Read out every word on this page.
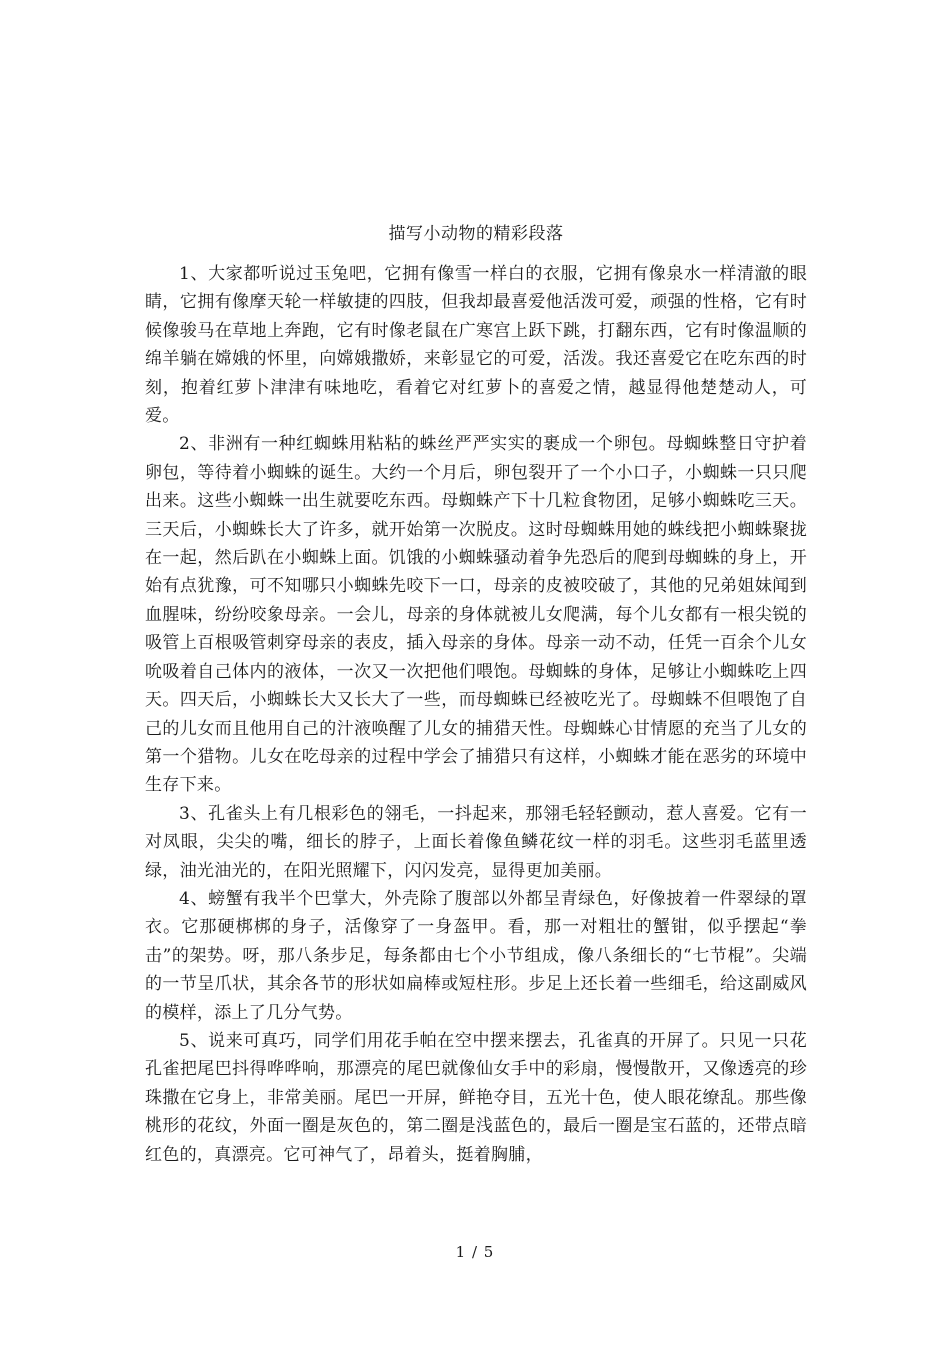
描写小动物的精彩段落

1、大家都听说过玉兔吧，它拥有像雪一样白的衣服，它拥有像泉水一样清澈的眼睛，它拥有像摩天轮一样敏捷的四肢，但我却最喜爱他活泼可爱，顽强的性格，它有时候像骏马在草地上奔跑，它有时像老鼠在广寒宫上跃下跳，打翻东西，它有时像温顺的绵羊躺在嫦娥的怀里，向嫦娥撒娇，来彰显它的可爱，活泼。我还喜爱它在吃东西的时刻，抱着红萝卜津津有味地吃，看着它对红萝卜的喜爱之情，越显得他楚楚动人，可爱。

2、非洲有一种红蜘蛛用粘粘的蛛丝严严实实的裹成一个卵包。母蜘蛛整日守护着卵包，等待着小蜘蛛的诞生。大约一个月后，卵包裂开了一个小口子，小蜘蛛一只只爬出来。这些小蜘蛛一出生就要吃东西。母蜘蛛产下十几粒食物团，足够小蜘蛛吃三天。三天后，小蜘蛛长大了许多，就开始第一次脱皮。这时母蜘蛛用她的蛛线把小蜘蛛聚拢在一起，然后趴在小蜘蛛上面。饥饿的小蜘蛛骚动着争先恐后的爬到母蜘蛛的身上，开始有点犹豫，可不知哪只小蜘蛛先咬下一口，母亲的皮被咬破了，其他的兄弟姐妹闻到血腥味，纷纷咬象母亲。一会儿，母亲的身体就被儿女爬满，每个儿女都有一根尖锐的吸管上百根吸管刺穿母亲的表皮，插入母亲的身体。母亲一动不动，任凭一百余个儿女吮吸着自己体内的液体，一次又一次把他们喂饱。母蜘蛛的身体，足够让小蜘蛛吃上四天。四天后，小蜘蛛长大又长大了一些，而母蜘蛛已经被吃光了。母蜘蛛不但喂饱了自己的儿女而且他用自己的汁液唤醒了儿女的捕猎天性。母蜘蛛心甘情愿的充当了儿女的第一个猎物。儿女在吃母亲的过程中学会了捕猎只有这样，小蜘蛛才能在恶劣的环境中生存下来。

3、孔雀头上有几根彩色的翎毛，一抖起来，那翎毛轻轻颤动，惹人喜爱。它有一对凤眼，尖尖的嘴，细长的脖子，上面长着像鱼鳞花纹一样的羽毛。这些羽毛蓝里透绿，油光油光的，在阳光照耀下，闪闪发亮，显得更加美丽。

4、螃蟹有我半个巴掌大，外壳除了腹部以外都呈青绿色，好像披着一件翠绿的罩衣。它那硬梆梆的身子，活像穿了一身盔甲。看，那一对粗壮的蟹钳，似乎摆起“拳击”的架势。呀，那八条步足，每条都由七个小节组成，像八条细长的“七节棍”。尖端的一节呈爪状，其余各节的形状如扁棒或短柱形。步足上还长着一些细毛，给这副威风的模样，添上了几分气势。

5、说来可真巧，同学们用花手帕在空中摆来摆去，孔雀真的开屏了。只见一只花孔雀把尾巴抖得哗哗响，那漂亮的尾巴就像仙女手中的彩扇，慢慢散开，又像透亮的珍珠撒在它身上，非常美丽。尾巴一开屏，鲜艳夺目，五光十色，使人眼花缭乱。那些像桃形的花纹，外面一圈是灰色的，第二圈是浅蓝色的，最后一圈是宝石蓝的，还带点暗红色的，真漂亮。它可神气了，昂着头，挺着胸脯，

1 / 5
